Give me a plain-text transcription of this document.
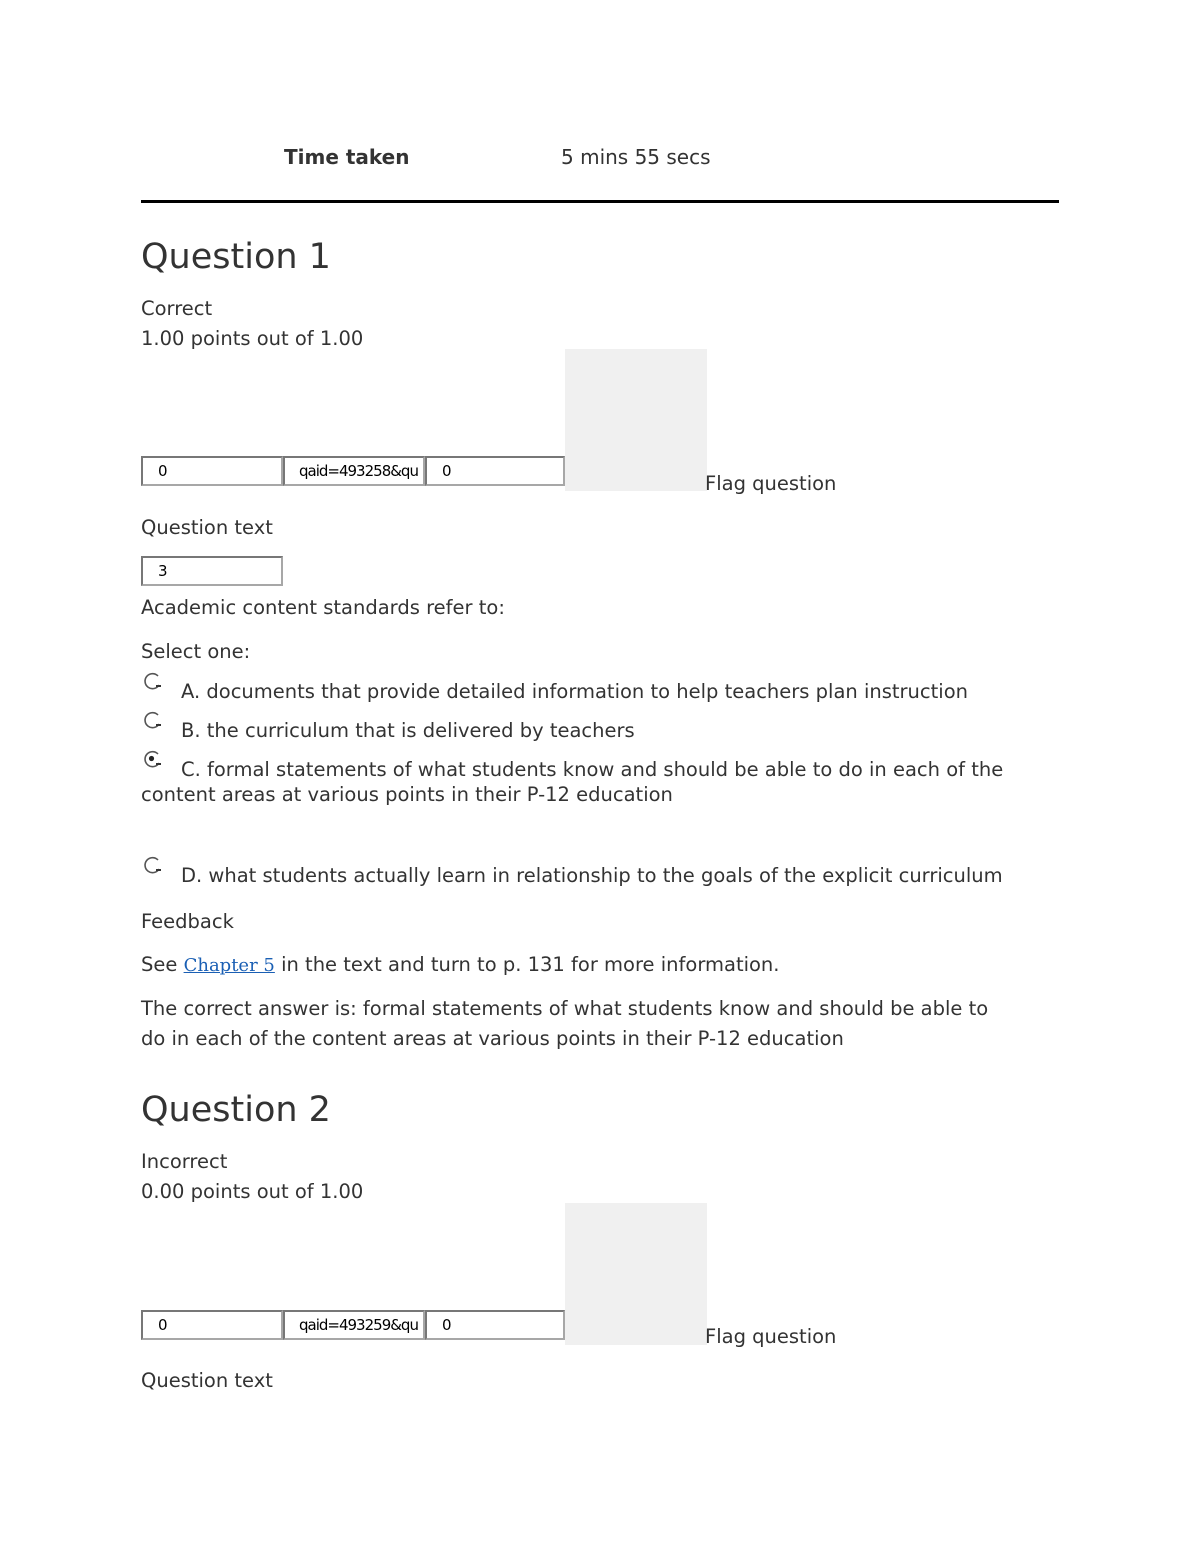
Time taken	5 mins 55 secs
Question 1
Correct
1.00 points out of 1.00
0	qaid=493258&qu	0
Flag question
Question text
3
Academic content standards refer to:
Select one:
A. documents that provide detailed information to help teachers plan instruction
B. the curriculum that is delivered by teachers
C. formal statements of what students know and should be able to do in each of the
content areas at various points in their P-12 education
D. what students actually learn in relationship to the goals of the explicit curriculum
Feedback
See Chapter 5 in the text and turn to p. 131 for more information.
The correct answer is: formal statements of what students know and should be able to
do in each of the content areas at various points in their P-12 education
Question 2
Incorrect
0.00 points out of 1.00
0	qaid=493259&qu	0	Flag question
Question text
